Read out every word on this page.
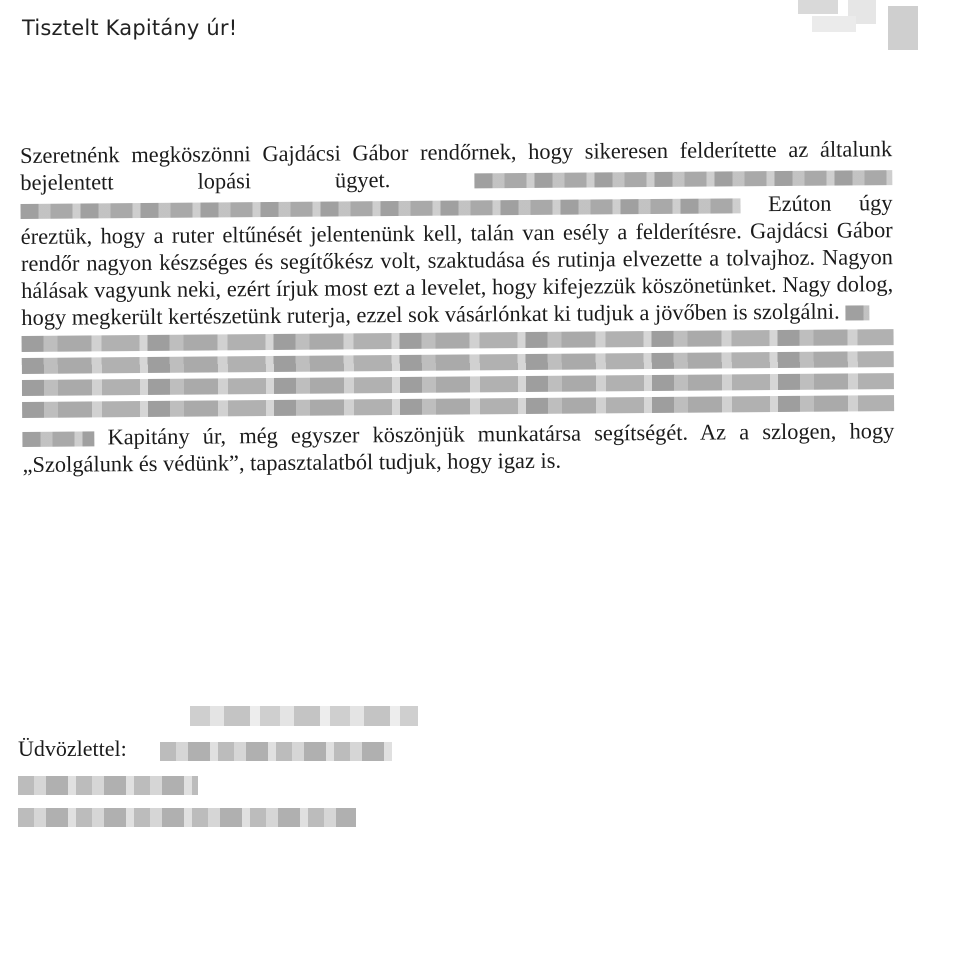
Tisztelt Kapitány úr!

Szeretnénk megköszönni Gajdácsi Gábor rendőrnek, hogy sikeresen felderítette az általunk bejelentett lopási ügyet.   Ezúton úgy éreztük, hogy a ruter eltűnését jelentenünk kell, talán van esély a felderítésre. Gajdácsi Gábor rendőr nagyon készséges és segítőkész volt, szaktudása és rutinja elvezette a tolvajhoz. Nagyon hálásak vagyunk neki, ezért írjuk most ezt a levelet, hogy kifejezzük köszönetünket. Nagy dolog, hogy megkerült kertészetünk ruterja, ezzel sok vásárlónkat ki tudjuk a jövőben is szolgálni.

Kapitány úr, még egyszer köszönjük munkatársa segítségét. Az a szlogen, hogy „Szolgálunk és védünk”, tapasztalatból tudjuk, hogy igaz is.

Üdvözlettel:
